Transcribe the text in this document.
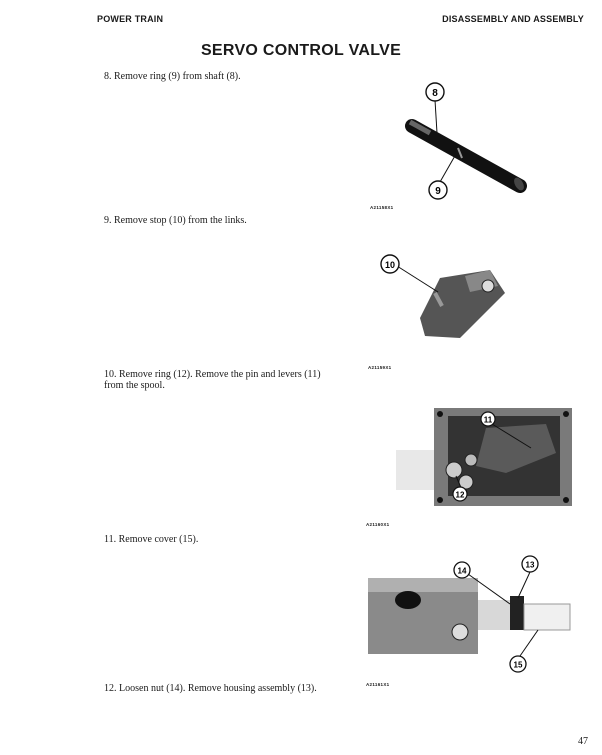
POWER TRAIN	DISASSEMBLY AND ASSEMBLY
SERVO CONTROL VALVE
8. Remove ring (9) from shaft (8).
8
9
A21158X1
9. Remove stop (10) from the links.
10
A21159X1
10. Remove ring (12). Remove the pin and levers (11) from the spool.
11
12
A21160X1
11. Remove cover (15).
14
13
15
A21161X1
12. Loosen nut (14). Remove housing assembly (13).
47
